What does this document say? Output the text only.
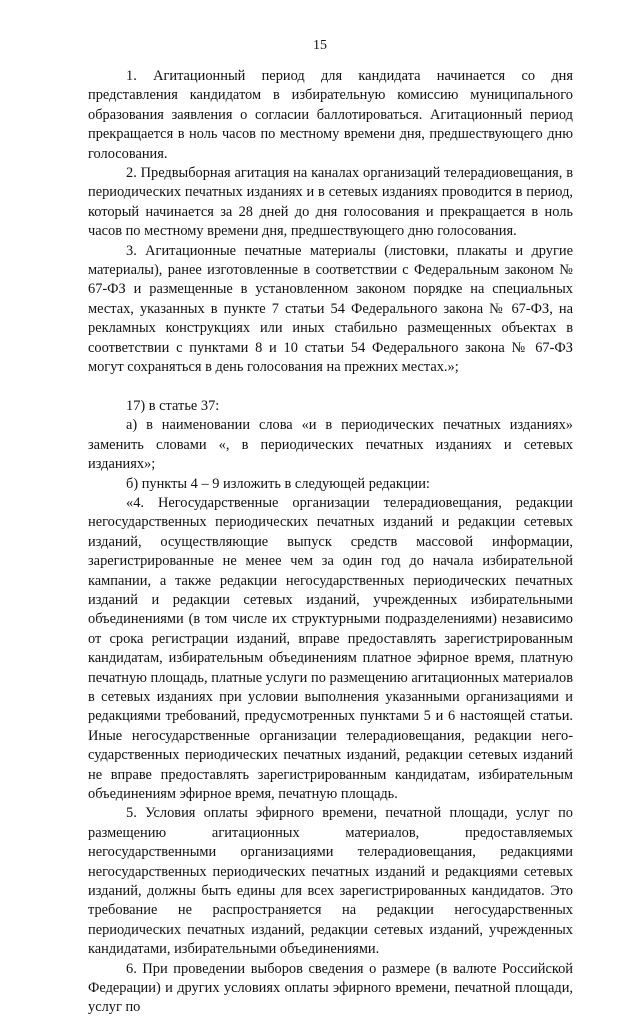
15

1. Агитационный период для кандидата начинается со дня представления кандидатом в избирательную комиссию муниципального образования заявления о согласии баллотироваться. Агитационный период прекращается в ноль часов по местному времени дня, предшествующего дню голосования.

2. Предвыборная агитация на каналах организаций телерадиовещания, в периодических печатных изданиях и в сетевых изданиях проводится в период, который начинается за 28 дней до дня голосования и прекращается в ноль часов по местному времени дня, предшествующего дню голосования.

3. Агитационные печатные материалы (листовки, плакаты и другие материалы), ранее изготовленные в соответствии с Федеральным законом № 67-ФЗ и размещенные в установленном законом порядке на специальных местах, указанных в пункте 7 статьи 54 Федерального закона № 67-ФЗ, на рекламных конструкциях или иных стабильно размещенных объектах в соответствии с пунктами 8 и 10 статьи 54 Федерального закона № 67-ФЗ могут сохраняться в день голосования на прежних местах.»;

17) в статье 37:

а) в наименовании слова «и в периодических печатных изданиях» заменить словами «, в периодических печатных изданиях и сетевых изданиях»;

б) пункты 4 – 9 изложить в следующей редакции:

«4. Негосударственные организации телерадиовещания, редакции негосударственных периодических печатных изданий и редакции сетевых изданий, осуществляющие выпуск средств массовой информации, зарегистрированные не менее чем за один год до начала избирательной кампании, а также редакции негосударственных периодических печатных изданий и редакции сетевых изданий, учрежденных избирательными объединениями (в том числе их структурными подразделениями) независимо от срока регистрации изданий, вправе предоставлять зарегистрированным кандидатам, избирательным объединениям платное эфирное время, платную печатную площадь, платные услуги по размещению агитационных материалов в сетевых изданиях при условии выполнения указанными организациями и редакциями требований, предусмотренных пунктами 5 и 6 настоящей статьи. Иные негосударственные организации телерадиовещания, редакции негосударственных периодических печатных изданий, редакции сетевых изданий не вправе предоставлять зарегистрированным кандидатам, избирательным объединениям эфирное время, печатную площадь.

5. Условия оплаты эфирного времени, печатной площади, услуг по размещению агитационных материалов, предоставляемых негосударственными организациями телерадиовещания, редакциями негосударственных периодических печатных изданий и редакциями сетевых изданий, должны быть едины для всех зарегистрированных кандидатов. Это требование не распространяется на редакции негосударственных периодических печатных изданий, редакции сетевых изданий, учрежденных кандидатами, избирательными объединениями.

6. При проведении выборов сведения о размере (в валюте Российской Федерации) и других условиях оплаты эфирного времени, печатной площади, услуг по
